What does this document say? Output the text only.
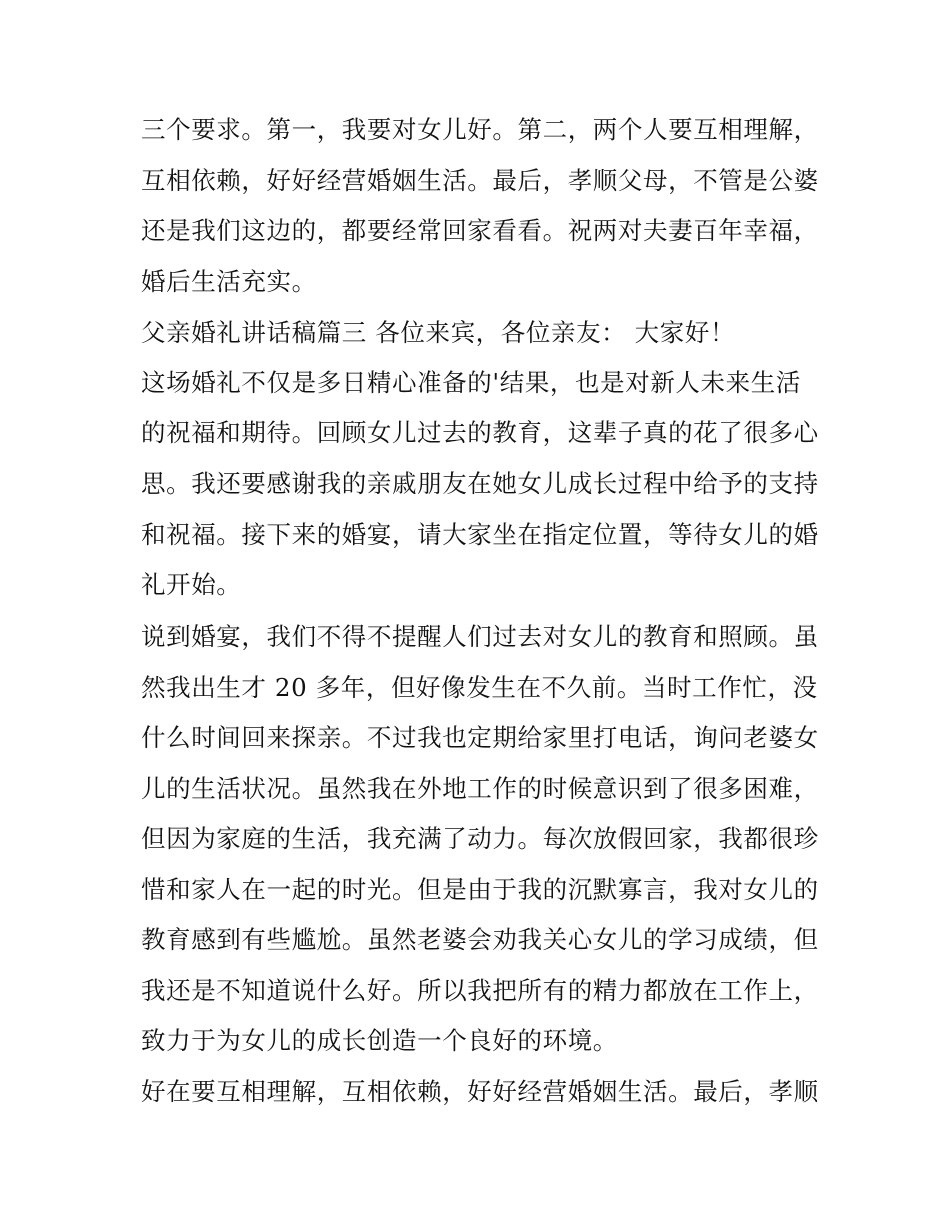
三个要求。第一，我要对女儿好。第二，两个人要互相理解，
互相依赖，好好经营婚姻生活。最后，孝顺父母，不管是公婆
还是我们这边的，都要经常回家看看。祝两对夫妻百年幸福，
婚后生活充实。
父亲婚礼讲话稿篇三 各位来宾，各位亲友： 大家好！
这场婚礼不仅是多日精心准备的'结果，也是对新人未来生活
的祝福和期待。回顾女儿过去的教育，这辈子真的花了很多心
思。我还要感谢我的亲戚朋友在她女儿成长过程中给予的支持
和祝福。接下来的婚宴，请大家坐在指定位置，等待女儿的婚
礼开始。
说到婚宴，我们不得不提醒人们过去对女儿的教育和照顾。虽
然我出生才 20 多年，但好像发生在不久前。当时工作忙，没
什么时间回来探亲。不过我也定期给家里打电话，询问老婆女
儿的生活状况。虽然我在外地工作的时候意识到了很多困难，
但因为家庭的生活，我充满了动力。每次放假回家，我都很珍
惜和家人在一起的时光。但是由于我的沉默寡言，我对女儿的
教育感到有些尴尬。虽然老婆会劝我关心女儿的学习成绩，但
我还是不知道说什么好。所以我把所有的精力都放在工作上，
致力于为女儿的成长创造一个良好的环境。
好在要互相理解，互相依赖，好好经营婚姻生活。最后，孝顺
